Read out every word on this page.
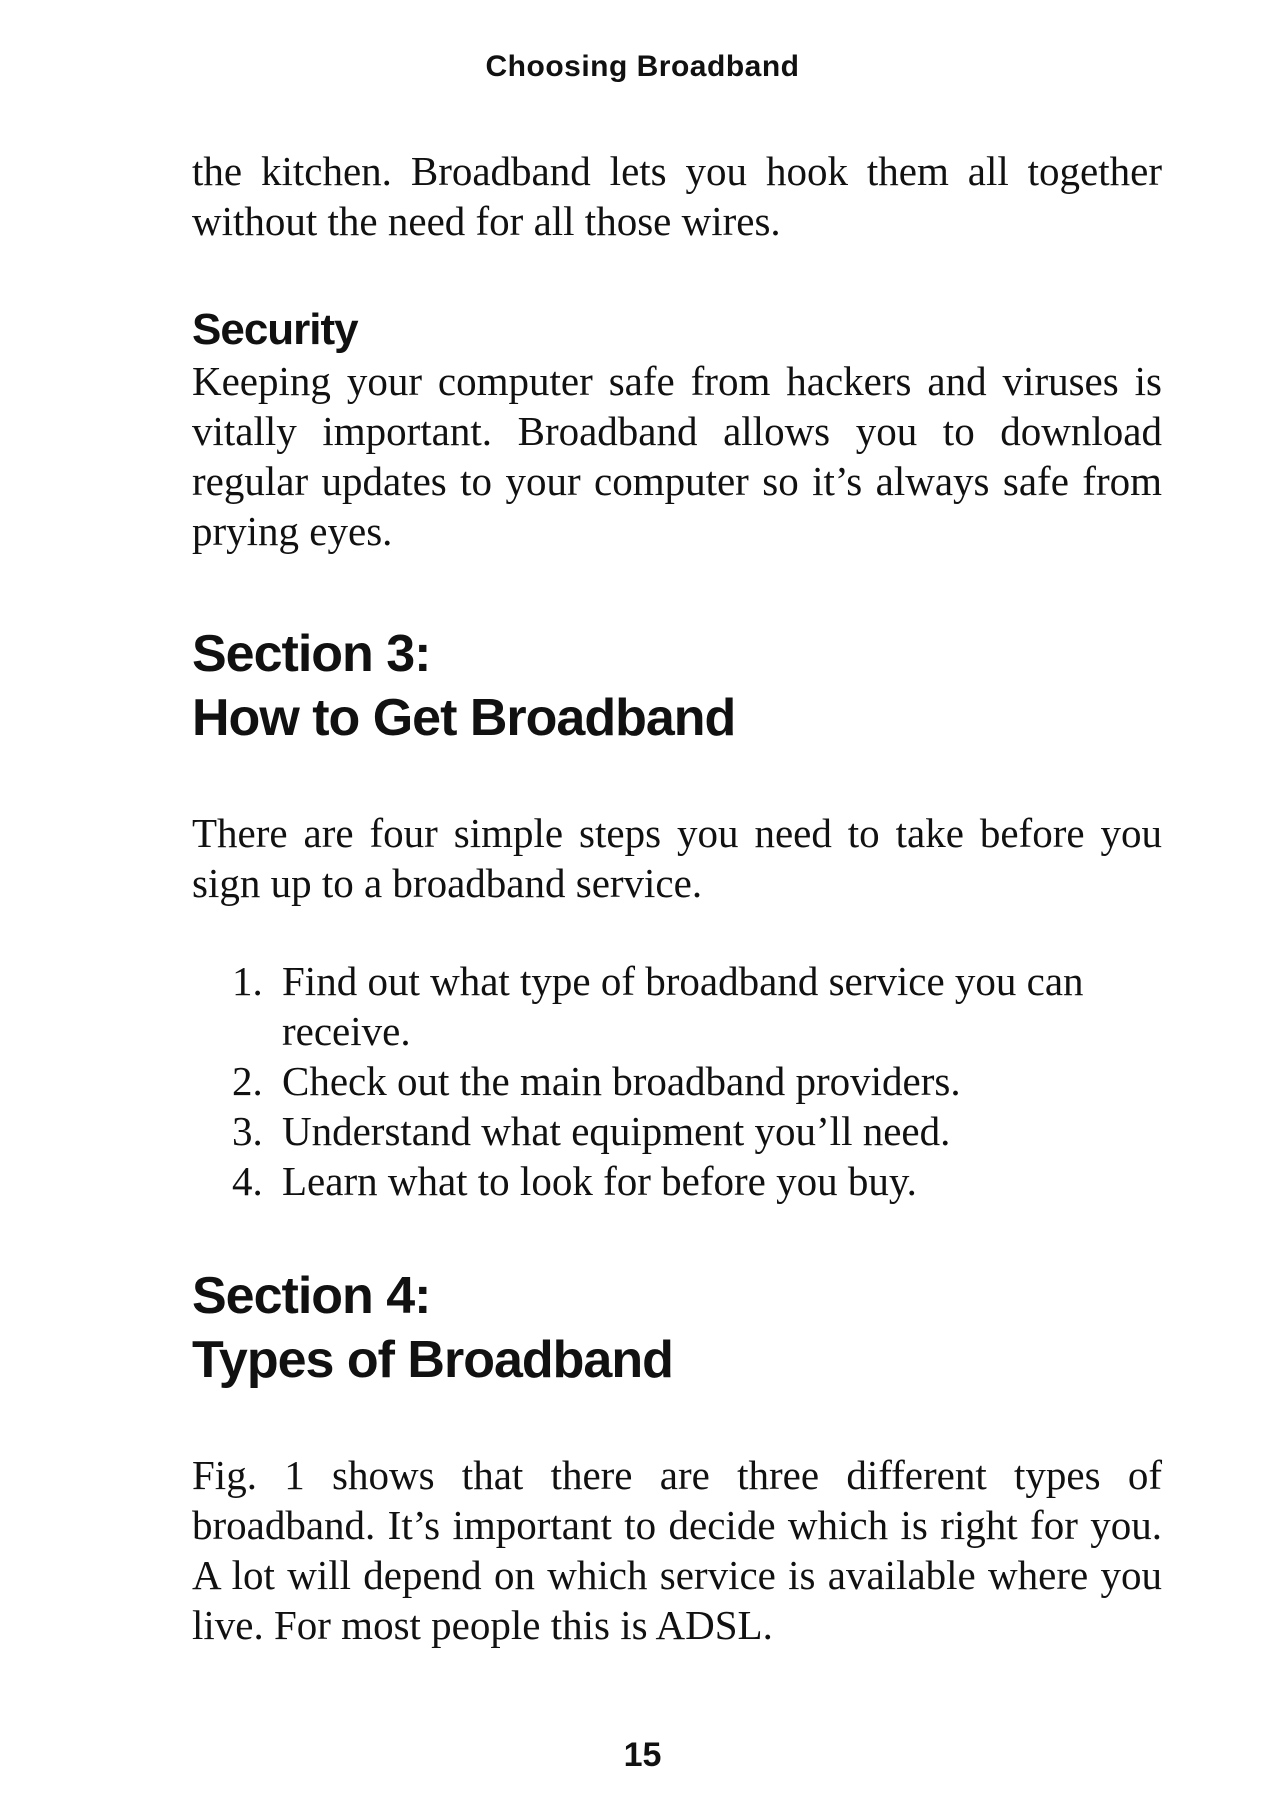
Choosing Broadband

the kitchen. Broadband lets you hook them all together without the need for all those wires.

Security

Keeping your computer safe from hackers and viruses is vitally important. Broadband allows you to download regular updates to your computer so it’s always safe from prying eyes.

Section 3:
How to Get Broadband

There are four simple steps you need to take before you sign up to a broadband service.

1. Find out what type of broadband service you can receive.
2. Check out the main broadband providers.
3. Understand what equipment you’ll need.
4. Learn what to look for before you buy.
Section 4:
Types of Broadband

Fig. 1 shows that there are three different types of broadband. It’s important to decide which is right for you. A lot will depend on which service is available where you live. For most people this is ADSL.

15
